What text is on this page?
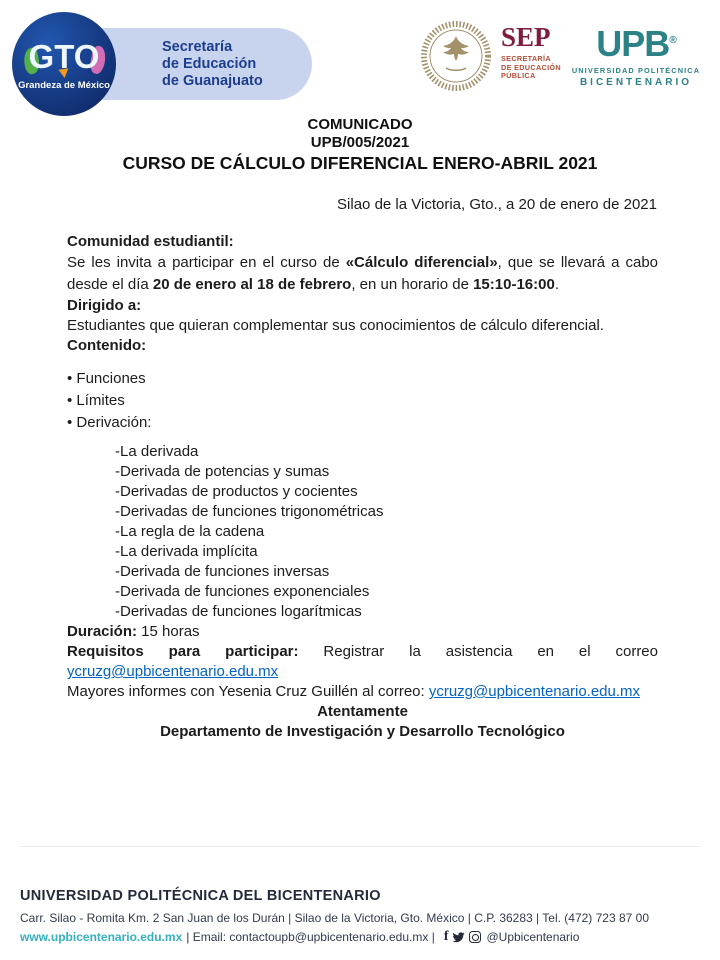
Secretaría
de Educación
de Guanajuato
GTO
Grandeza de México
SEP
SECRETARÍA
DE EDUCACIÓN
PÚBLICA
UPB®
UNIVERSIDAD POLITÉCNICA
BICENTENARIO
COMUNICADO
UPB/005/2021
CURSO DE CÁLCULO DIFERENCIAL ENERO-ABRIL 2021
Silao de la Victoria, Gto., a 20 de enero de 2021

Comunidad estudiantil:

Se les invita a participar en el curso de «Cálculo diferencial», que se llevará a cabo desde el día 20 de enero al 18 de febrero, en un horario de 15:10-16:00.

Dirigido a:

Estudiantes que quieran complementar sus conocimientos de cálculo diferencial.

Contenido:

• Funciones
• Límites
• Derivación:
-La derivada
-Derivada de potencias y sumas
-Derivadas de productos y cocientes
-Derivadas de funciones trigonométricas
-La regla de la cadena
-La derivada implícita
-Derivada de funciones inversas
-Derivada de funciones exponenciales
-Derivadas de funciones logarítmicas

Duración: 15 horas

Requisitos para participar: Registrar la asistencia en el correo ycruzg@upbicentenario.edu.mx

Mayores informes con Yesenia Cruz Guillén al correo: ycruzg@upbicentenario.edu.mx

Atentamente

Departamento de Investigación y Desarrollo Tecnológico

UNIVERSIDAD POLITÉCNICA DEL BICENTENARIO
Carr. Silao - Romita Km. 2 San Juan de los Durán | Silao de la Victoria, Gto. México | C.P. 36283 | Tel. (472) 723 87 00
www.upbicentenario.edu.mx | Email: contactoupb@upbicentenario.edu.mx | f	@Upbicentenario
